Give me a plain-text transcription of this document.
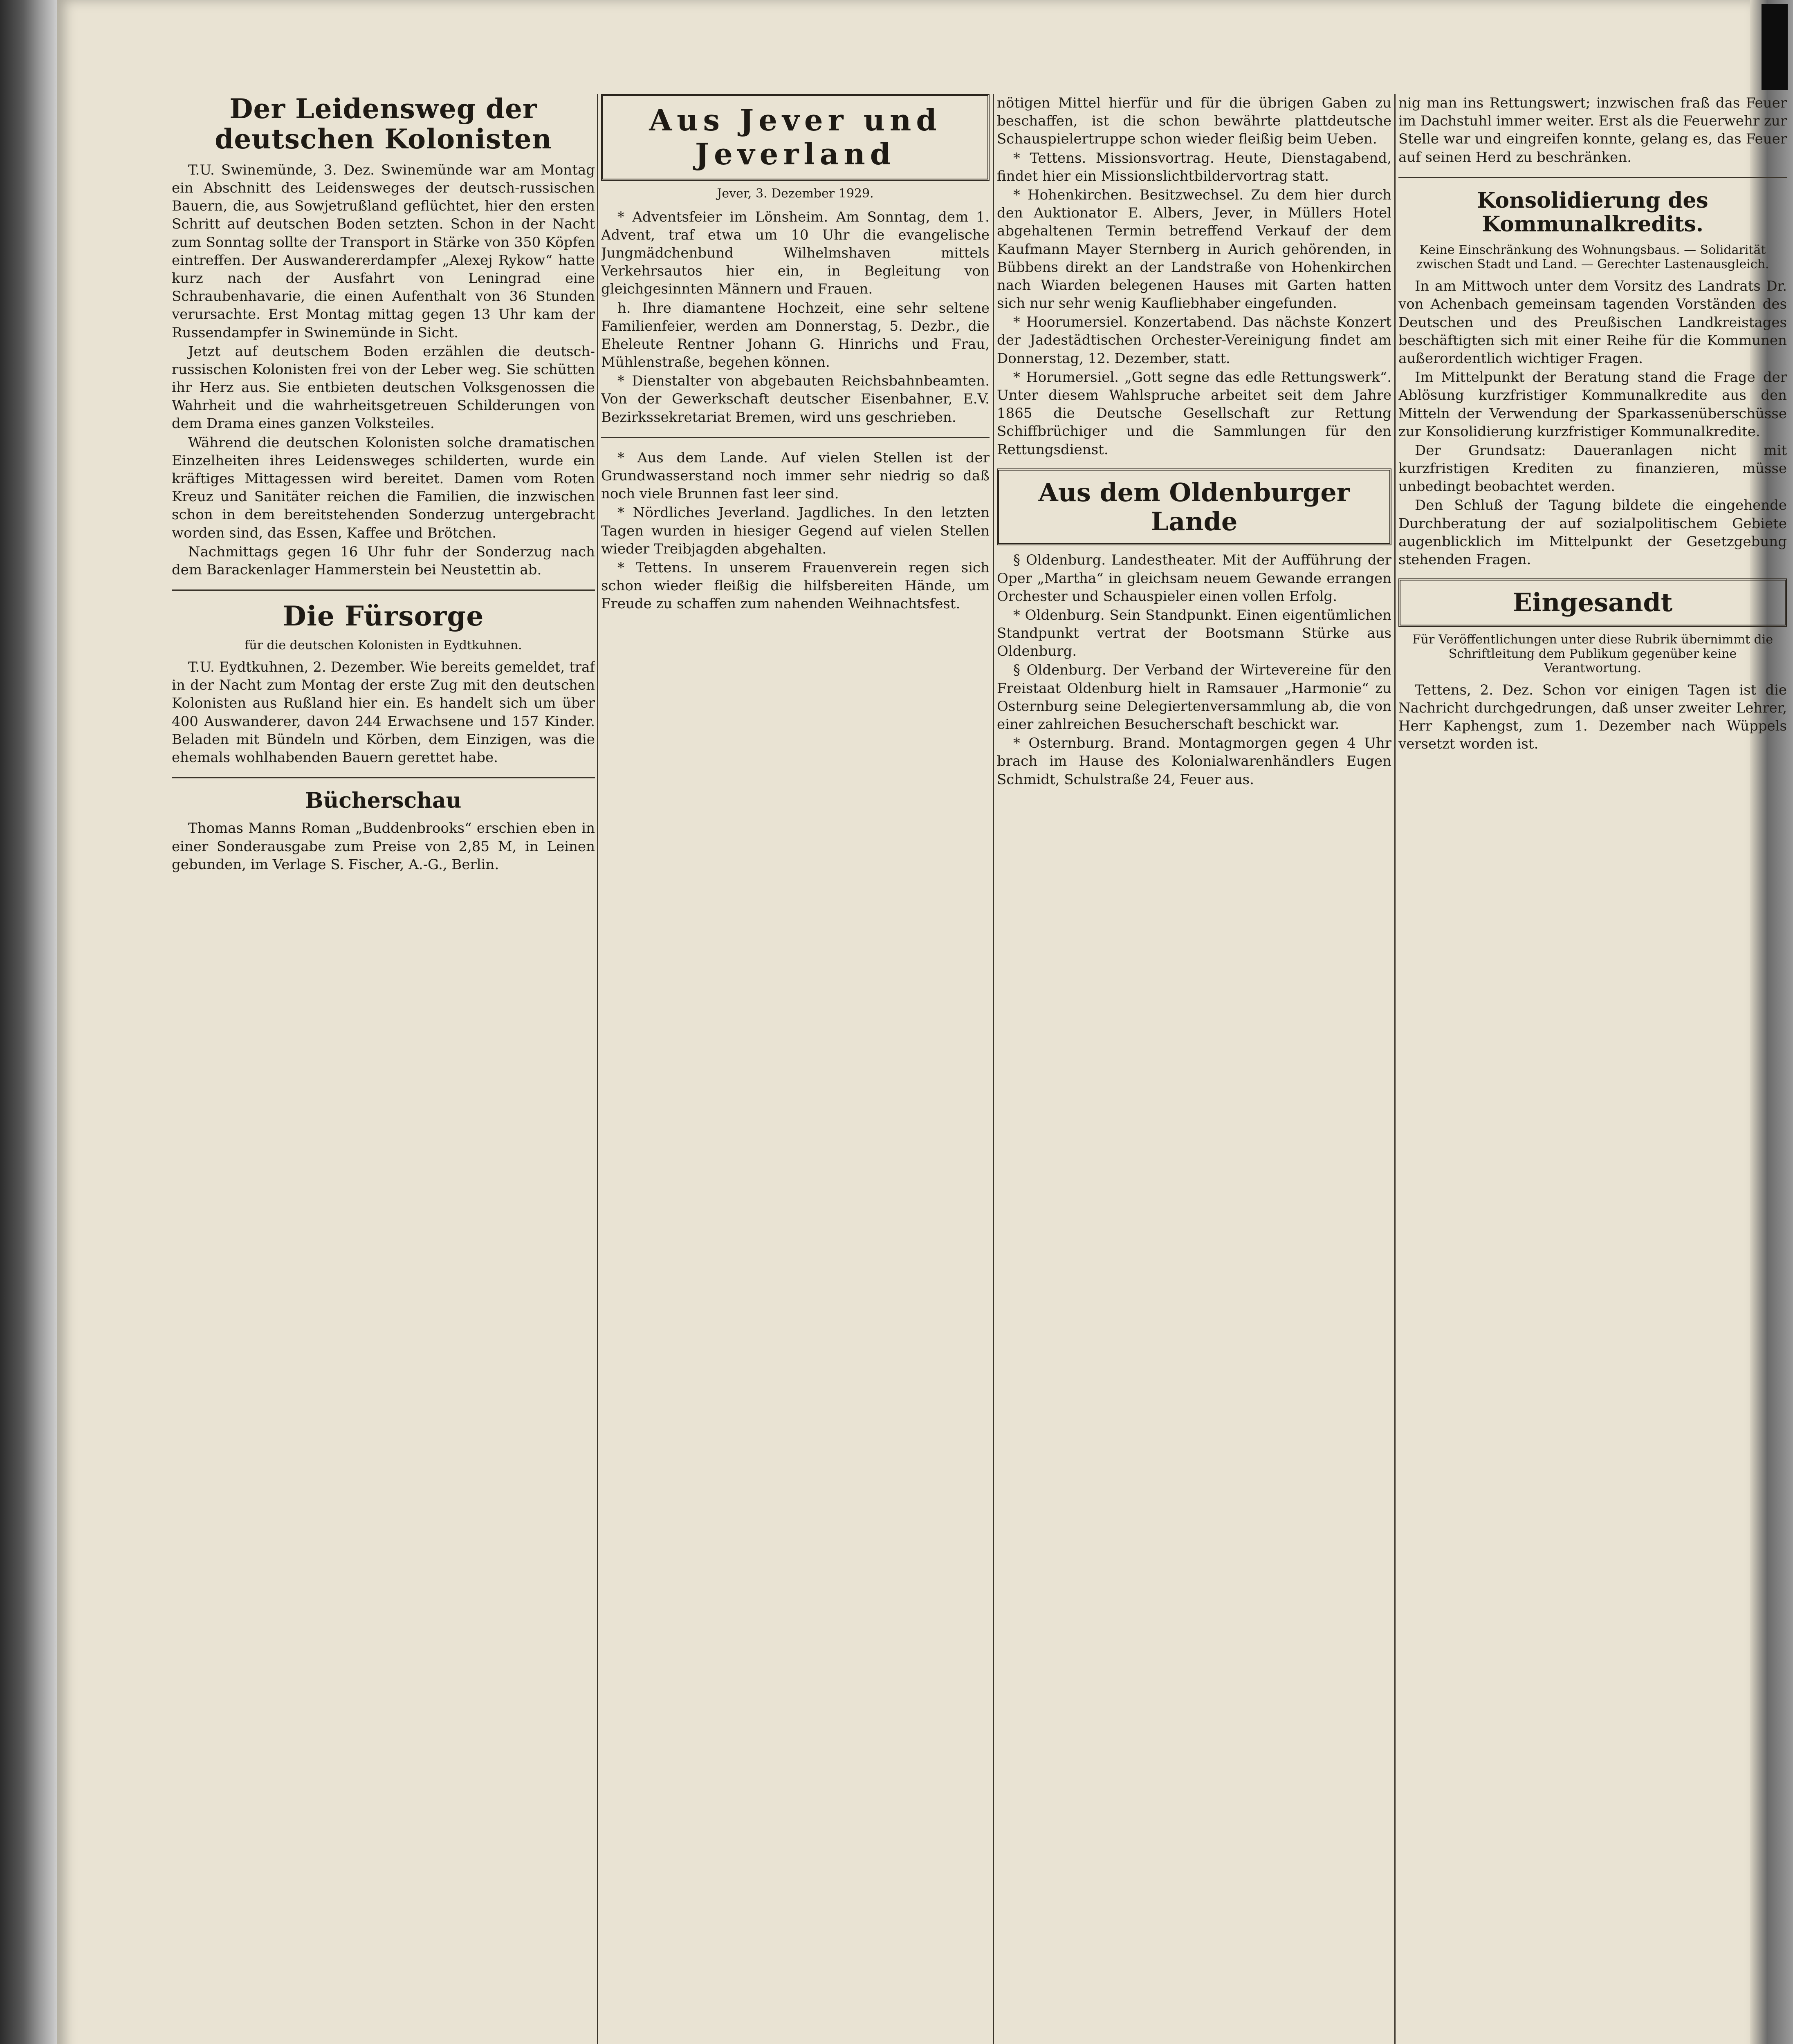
Der Leidensweg der deutschen Kolonisten

T.U. Swinemünde, 3. Dez. Swinemünde war am Montag ein Abschnitt des Leidensweges der deutsch-russischen Bauern, die, aus Sowjetrußland geflüchtet, hier den ersten Schritt auf deutschen Boden setzten. Schon in der Nacht zum Sonntag sollte der Transport in Stärke von 350 Köpfen eintreffen. Der Auswandererdampfer „Alexej Rykow“ hatte kurz nach der Ausfahrt von Leningrad eine Schraubenhavarie, die einen Aufenthalt von 36 Stunden verursachte. Erst Montag mittag gegen 13 Uhr kam der Russendampfer in Swinemünde in Sicht.

Jetzt auf deutschem Boden erzählen die deutsch-russischen Kolonisten frei von der Leber weg. Sie schütten ihr Herz aus. Sie entbieten deutschen Volksgenossen die Wahrheit und die wahrheitsgetreuen Schilderungen von dem Drama eines ganzen Volksteiles.

Während die deutschen Kolonisten solche dramatischen Einzelheiten ihres Leidensweges schilderten, wurde ein kräftiges Mittagessen wird bereitet. Damen vom Roten Kreuz und Sanitäter reichen die Familien, die inzwischen schon in dem bereitstehenden Sonderzug untergebracht worden sind, das Essen, Kaffee und Brötchen.

Nachmittags gegen 16 Uhr fuhr der Sonderzug nach dem Barackenlager Hammerstein bei Neustettin ab.

Die Fürsorge
für die deutschen Kolonisten in Eydtkuhnen.

T.U. Eydtkuhnen, 2. Dezember. Wie bereits gemeldet, traf in der Nacht zum Montag der erste Zug mit den deutschen Kolonisten aus Rußland hier ein. Es handelt sich um über 400 Auswanderer, davon 244 Erwachsene und 157 Kinder. Beladen mit Bündeln und Körben, dem Einzigen, was die ehemals wohlhabenden Bauern gerettet habe.

Bücherschau

Thomas Manns Roman „Buddenbrooks“ erschien eben in einer Sonderausgabe zum Preise von 2,85 M, in Leinen gebunden, im Verlage S. Fischer, A.-G., Berlin.

Aus Jever und Jeverland
Jever, 3. Dezember 1929.

* Adventsfeier im Lönsheim. Am Sonntag, dem 1. Advent, traf etwa um 10 Uhr die evangelische Jungmädchenbund Wilhelmshaven mittels Verkehrsautos hier ein, in Begleitung von gleichgesinnten Männern und Frauen.

h. Ihre diamantene Hochzeit, eine sehr seltene Familienfeier, werden am Donnerstag, 5. Dezbr., die Eheleute Rentner Johann G. Hinrichs und Frau, Mühlenstraße, begehen können.

* Dienstalter von abgebauten Reichsbahnbeamten. Von der Gewerkschaft deutscher Eisenbahner, E.V. Bezirkssekretariat Bremen, wird uns geschrieben.

* Aus dem Lande. Auf vielen Stellen ist der Grundwasserstand noch immer sehr niedrig so daß noch viele Brunnen fast leer sind.

* Nördliches Jeverland. Jagdliches. In den letzten Tagen wurden in hiesiger Gegend auf vielen Stellen wieder Treibjagden abgehalten.

* Tettens. In unserem Frauenverein regen sich schon wieder fleißig die hilfsbereiten Hände, um Freude zu schaffen zum nahenden Weihnachtsfest.

nötigen Mittel hierfür und für die übrigen Gaben zu beschaffen, ist die schon bewährte plattdeutsche Schauspielertruppe schon wieder fleißig beim Ueben.

* Tettens. Missionsvortrag. Heute, Dienstagabend, findet hier ein Missionslichtbildervortrag statt.

* Hohenkirchen. Besitzwechsel. Zu dem hier durch den Auktionator E. Albers, Jever, in Müllers Hotel abgehaltenen Termin betreffend Verkauf der dem Kaufmann Mayer Sternberg in Aurich gehörenden, in Bübbens direkt an der Landstraße von Hohenkirchen nach Wiarden belegenen Hauses mit Garten hatten sich nur sehr wenig Kaufliebhaber eingefunden.

* Hoorumersiel. Konzertabend. Das nächste Konzert der Jadestädtischen Orchester-Vereinigung findet am Donnerstag, 12. Dezember, statt.

* Horumersiel. „Gott segne das edle Rettungswerk“. Unter diesem Wahlspruche arbeitet seit dem Jahre 1865 die Deutsche Gesellschaft zur Rettung Schiffbrüchiger und die Sammlungen für den Rettungsdienst.

Aus dem Oldenburger Lande

§ Oldenburg. Landestheater. Mit der Aufführung der Oper „Martha“ in gleichsam neuem Gewande errangen Orchester und Schauspieler einen vollen Erfolg.

* Oldenburg. Sein Standpunkt. Einen eigentümlichen Standpunkt vertrat der Bootsmann Stürke aus Oldenburg.

§ Oldenburg. Der Verband der Wirtevereine für den Freistaat Oldenburg hielt in Ramsauer „Harmonie“ zu Osternburg seine Delegiertenversammlung ab, die von einer zahlreichen Besucherschaft beschickt war.

* Osternburg. Brand. Montagmorgen gegen 4 Uhr brach im Hause des Kolonialwarenhändlers Eugen Schmidt, Schulstraße 24, Feuer aus.

nig man ins Rettungswert; inzwischen fraß das Feuer im Dachstuhl immer weiter. Erst als die Feuerwehr zur Stelle war und eingreifen konnte, gelang es, das Feuer auf seinen Herd zu beschränken.

Konsolidierung des Kommunalkredits.
Keine Einschränkung des Wohnungsbaus. — Solidarität zwischen Stadt und Land. — Gerechter Lastenausgleich.

In am Mittwoch unter dem Vorsitz des Landrats Dr. von Achenbach gemeinsam tagenden Vorständen des Deutschen und des Preußischen Landkreistages beschäftigten sich mit einer Reihe für die Kommunen außerordentlich wichtiger Fragen.

Im Mittelpunkt der Beratung stand die Frage der Ablösung kurzfristiger Kommunalkredite aus den Mitteln der Verwendung der Sparkassenüberschüsse zur Konsolidierung kurzfristiger Kommunalkredite.

Der Grundsatz: Daueranlagen nicht mit kurzfristigen Krediten zu finanzieren, müsse unbedingt beobachtet werden.

Den Schluß der Tagung bildete die eingehende Durchberatung der auf sozialpolitischem Gebiete augenblicklich im Mittelpunkt der Gesetzgebung stehenden Fragen.

Eingesandt
Für Veröffentlichungen unter diese Rubrik übernimmt die Schriftleitung dem Publikum gegenüber keine Verantwortung.

Tettens, 2. Dez. Schon vor einigen Tagen ist die Nachricht durchgedrungen, daß unser zweiter Lehrer, Herr Kaphengst, zum 1. Dezember nach Wüppels versetzt worden ist.
